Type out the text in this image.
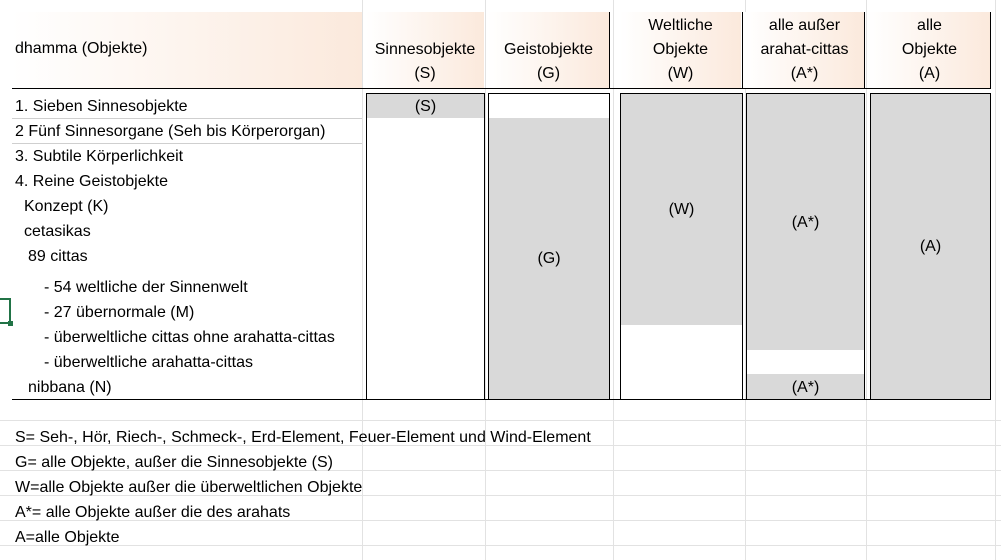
dhamma (Objekte)	Sinnesobjekte
(S)
Geistobjekte
(G)
Weltliche
Objekte
(W)
alle außer
arahat-cittas
(A*)
alle
Objekte
(A)
1. Sieben Sinnesobjekte
2 Fünf Sinnesorgane (Seh bis Körperorgan)
3. Subtile Körperlichkeit
4. Reine Geistobjekte
Konzept (K)
cetasikas
89 cittas
- 54 weltliche der Sinnenwelt
- 27 übernormale (M)
- überweltliche cittas ohne arahatta-cittas
- überweltliche arahatta-cittas
nibbana (N)
(S)
(G)
(W)
(A*)
(A*)
(A)
S= Seh-, Hör, Riech-, Schmeck-, Erd-Element, Feuer-Element und Wind-Element
G= alle Objekte, außer die Sinnesobjekte (S)
W=alle Objekte außer die überweltlichen Objekte
A*= alle Objekte außer die des arahats
A=alle Objekte
